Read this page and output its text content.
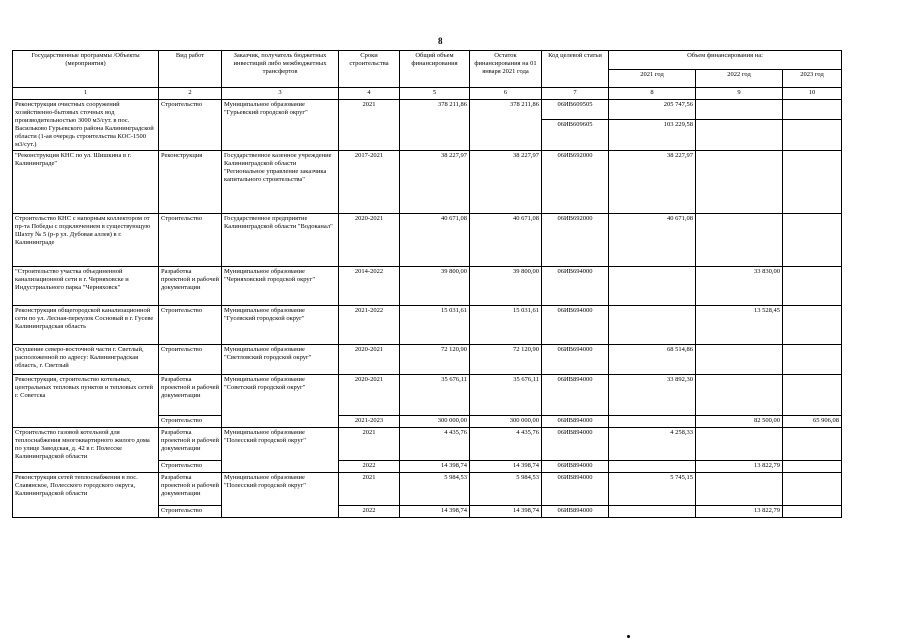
8
Государственные программы /Объекты (мероприятия)	Вид работ	Заказчик, получатель бюджетных инвестиций либо межбюджетных трансфертов	Сроки строительства	Общий объем финансирования	Остаток финансирования на 01 января 2021 года	Код целевой статьи	Объем финансирования на:		
							2021 год	2022 год	2023 год
1	2	3	4	5	6	7	8	9	10
Реконструкция очистных сооружений хозяйственно-бытовых сточных вод производительностью 3000 м3/сут. в пос. Васильково Гурьевского района Калининградской области (1-ая очередь строительства КОС-1500 м3/сут.)	Строительство	Муниципальное образование "Гурьевский городской округ"	2021	378 211,86	378 211,86	06ИВ609505	205 747,56		
						06ИВ609605	103 229,58		
"Реконструкция КНС по ул. Шишкина в г. Калининграде"	Реконструкция	Государственное казенное учреждение Калининградской области "Региональное управление заказчика капитального строительства"	2017-2021	38 227,97	38 227,97	06ИВ692000	38 227,97		
Строительство КНС с напорным коллектором от пр-та Победы с подключением в существующую Шахту № 5 (р-р ул. Дубовая аллея) в г. Калининграде	Строительство	Государственное предприятие Калининградской области "Водоканал"	2020-2021	40 671,08	40 671,08	06ИВ692000	40 671,08		
"Строительство участка объединенной канализационной сети в г. Черняховске и Индустриального парка "Черняховск"	Разработка проектной и рабочей документации	Муниципальное образование "Черняховский городской округ"	2014-2022	39 800,00	39 800,00	06ИВ694000		33 830,00	
Реконструкция общегородской канализационной сети по ул. Лесная-переулок Сосновый в г. Гусеве Калининградская область	Строительство	Муниципальное образование "Гусевский городской округ"	2021-2022	15 031,61	15 031,61	06ИВ694000		13 528,45	
Осушение северо-восточной части г. Светлый, расположенной по адресу: Калининградская область, г. Светлый	Строительство	Муниципальное образование "Светловский городской округ"	2020-2021	72 120,90	72 120,90	06ИВ694000	68 514,86		
Реконструкция, строительство котельных, центральных тепловых пунктов и тепловых сетей г. Советска	Разработка проектной и рабочей документации	Муниципальное образование "Советский городской округ"	2020-2021	35 676,11	35 676,11	06ИВ894000	33 892,30		
	Строительство		2021-2023	300 000,00	300 000,00	06ИВ894000		82 500,00	65 906,08
Строительство газовой котельной для теплоснабжения многоквартирного жилого дома по улице Заводская, д. 42 в г. Полесске Калининградской области	Разработка проектной и рабочей документации	Муниципальное образование "Полесский городской округ"	2021	4 435,76	4 435,76	06ИВ894000	4 258,33		
	Строительство		2022	14 398,74	14 398,74	06ИВ894000		13 822,79	
Реконструкция сетей теплоснабжения в пос. Славянское, Полесского городского округа, Калининградской области	Разработка проектной и рабочей документации	Муниципальное образование "Полесский городской округ"	2021	5 984,53	5 984,53	06ИВ894000	5 745,15		
	Строительство		2022	14 398,74	14 398,74	06ИВ894000		13 822,79	
